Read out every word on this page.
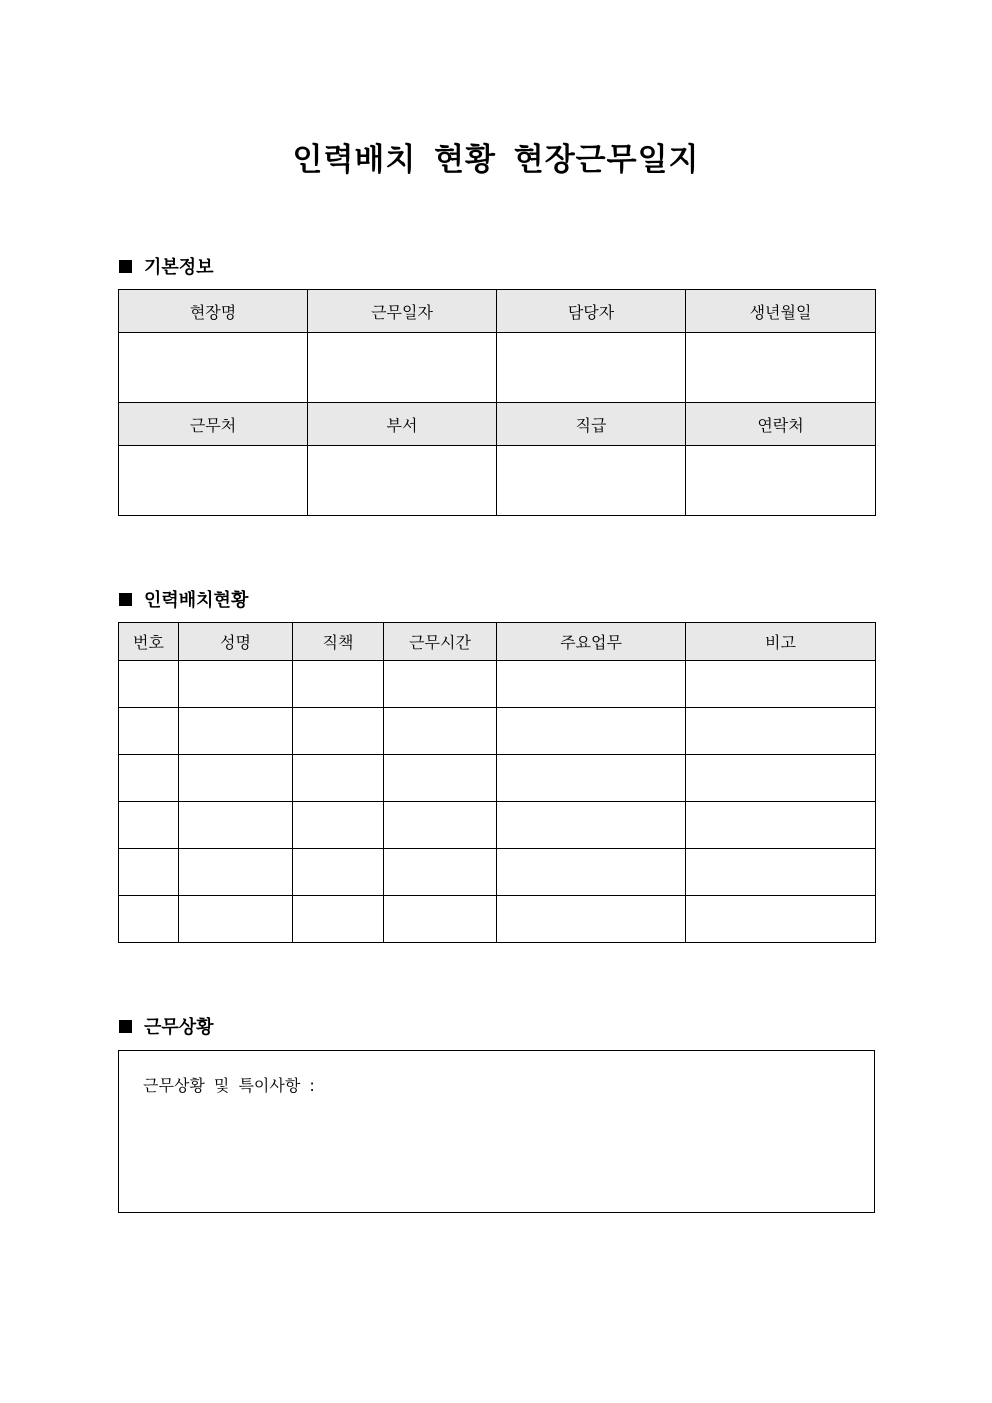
인력배치 현황 현장근무일지
기본정보
현장명	근무일자	담당자	생년월일

근무처	부서	직급	연락처

인력배치현황
번호	성명	직책	근무시간	주요업무	비고

근무상황
근무상황 및 특이사항 :
